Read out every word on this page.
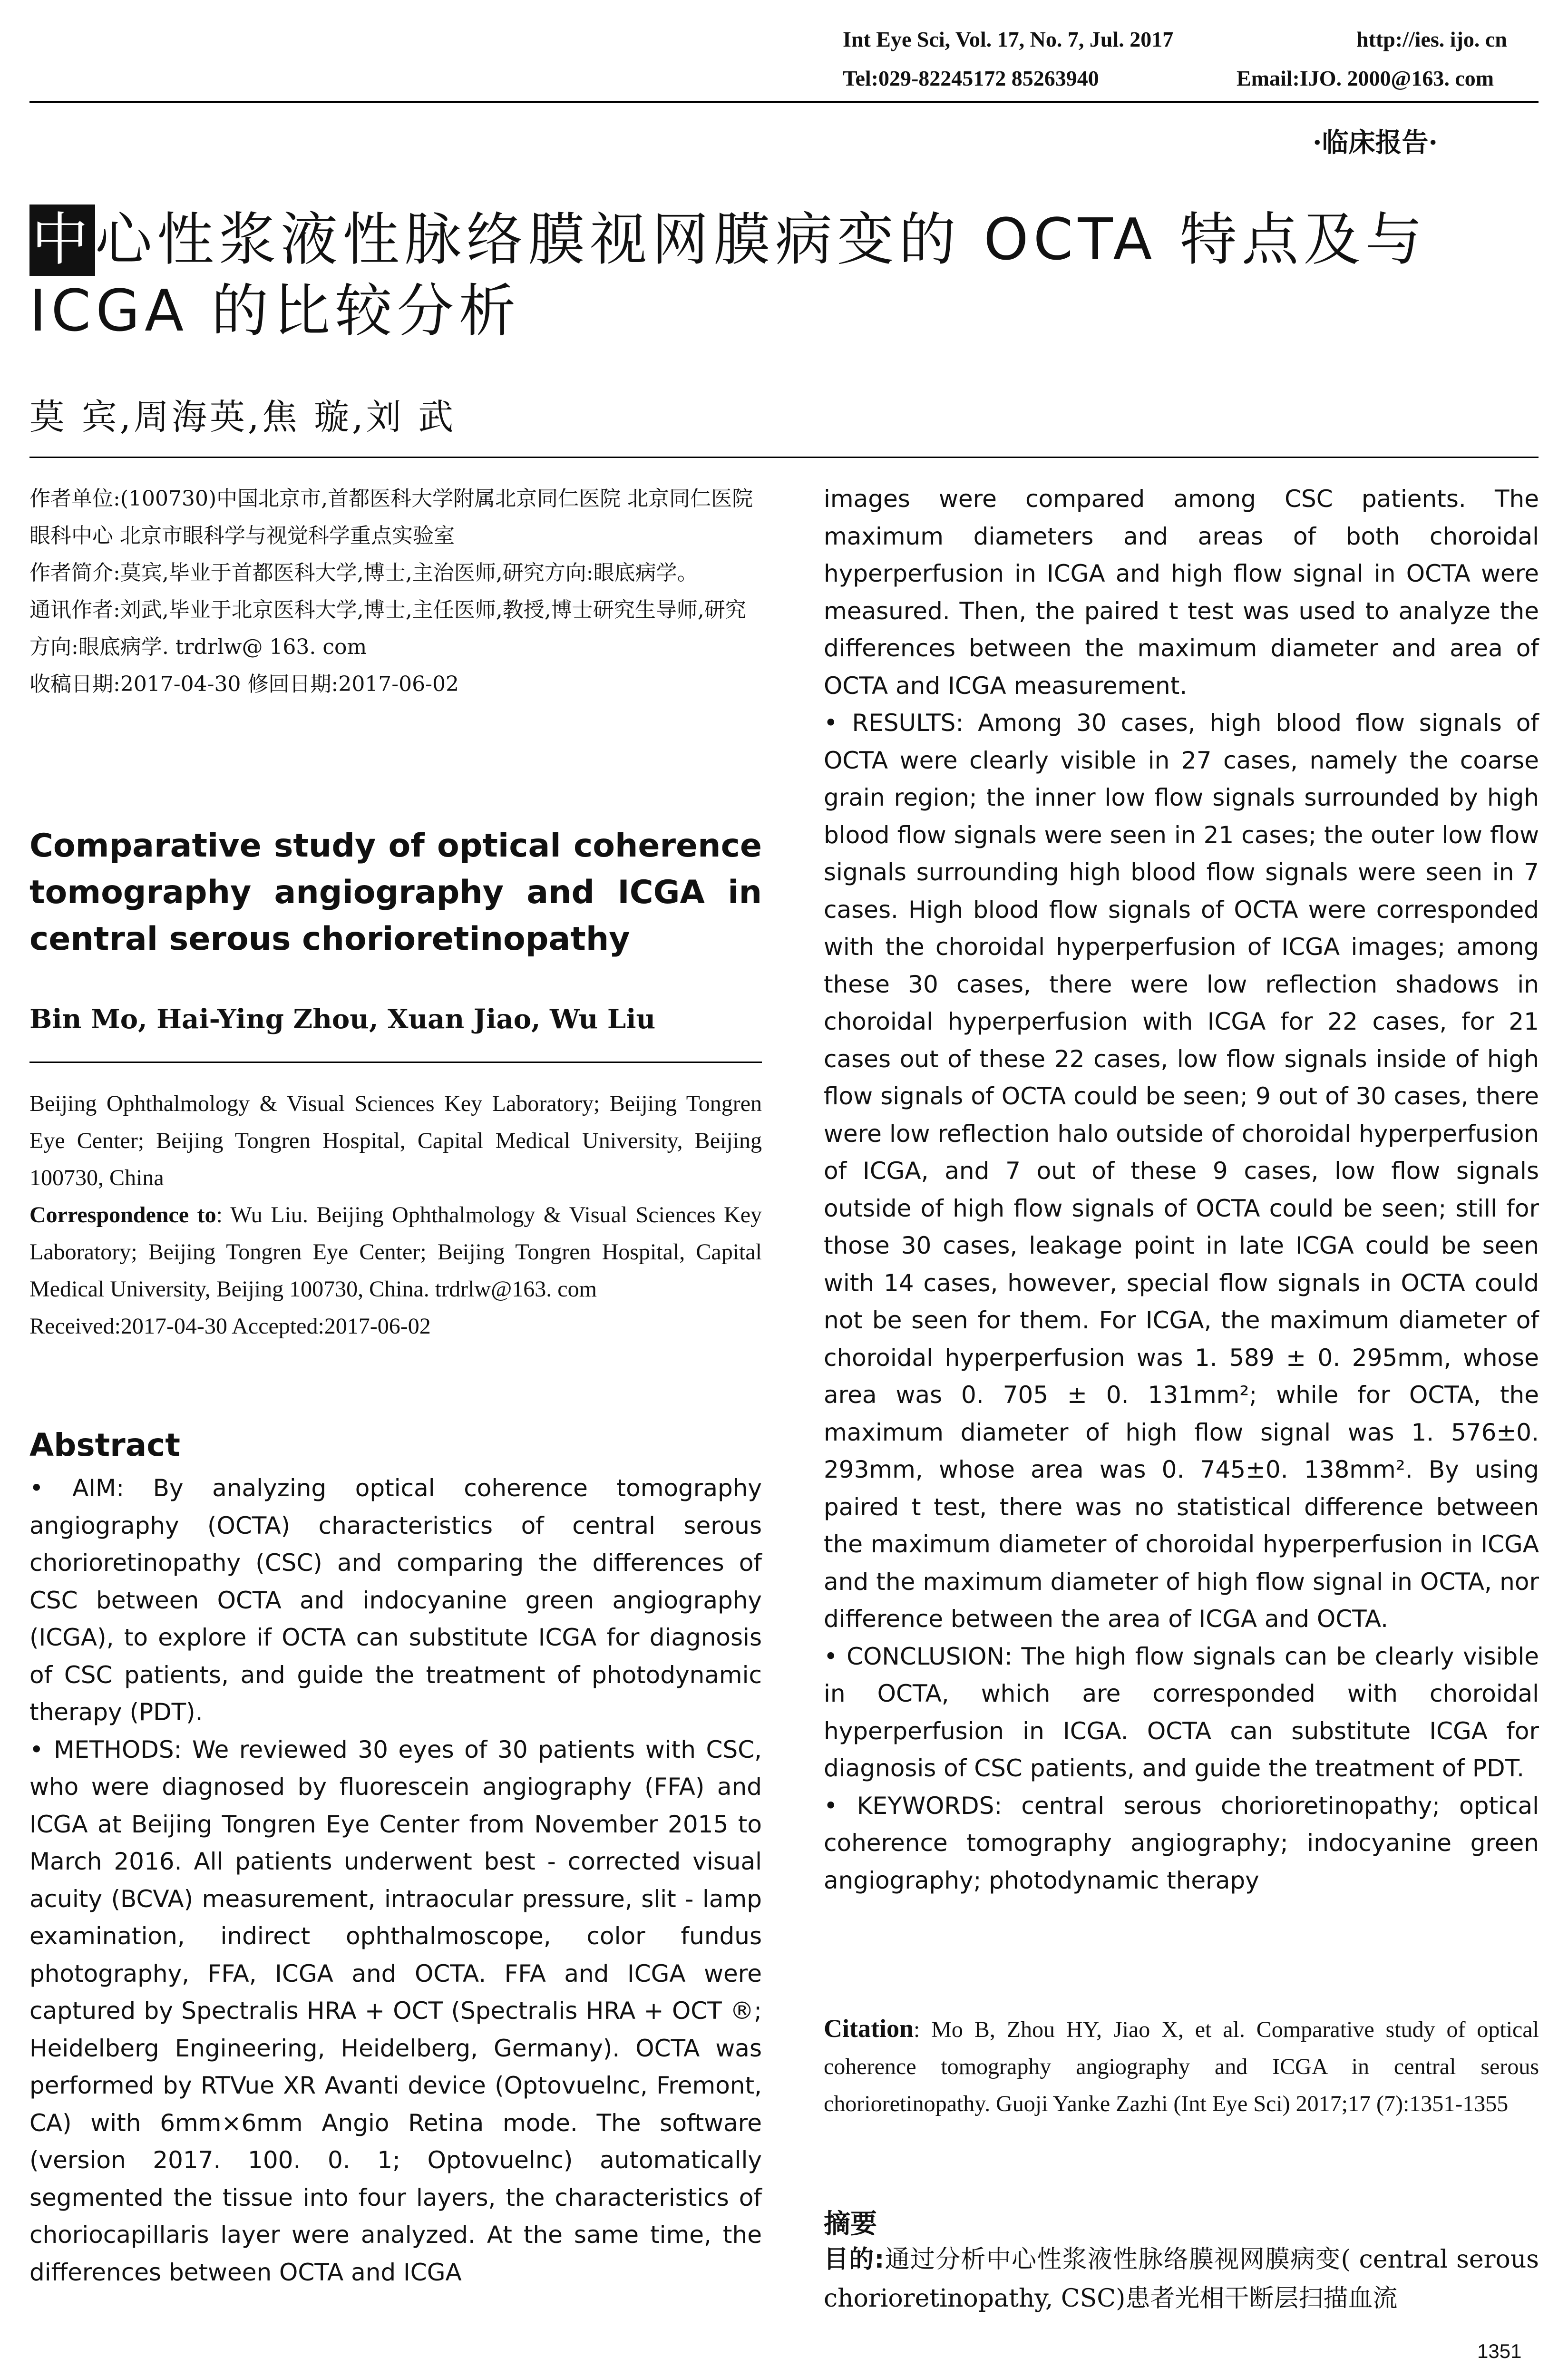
Int Eye Sci, Vol. 17, No. 7, Jul. 2017	http://ies. ijo. cn
Tel:029-82245172 85263940	Email:IJO. 2000@163. com
·临床报告·
中心性浆液性脉络膜视网膜病变的 OCTA 特点及与 ICGA 的比较分析
莫 宾,周海英,焦 璇,刘 武
作者单位:(100730)中国北京市,首都医科大学附属北京同仁医院 北京同仁医院眼科中心 北京市眼科学与视觉科学重点实验室
作者简介:莫宾,毕业于首都医科大学,博士,主治医师,研究方向:眼底病学。
通讯作者:刘武,毕业于北京医科大学,博士,主任医师,教授,博士研究生导师,研究方向:眼底病学. trdrlw@ 163. com
收稿日期:2017-04-30 修回日期:2017-06-02
Comparative study of optical coherence tomography angiography and ICGA in central serous chorioretinopathy
Bin Mo, Hai-Ying Zhou, Xuan Jiao, Wu Liu
Beijing Ophthalmology & Visual Sciences Key Laboratory; Beijing Tongren Eye Center; Beijing Tongren Hospital, Capital Medical University, Beijing 100730, China
Correspondence to: Wu Liu. Beijing Ophthalmology & Visual Sciences Key Laboratory; Beijing Tongren Eye Center; Beijing Tongren Hospital, Capital Medical University, Beijing 100730, China. trdrlw@163. com
Received:2017-04-30 Accepted:2017-06-02
Abstract

• AIM: By analyzing optical coherence tomography angiography (OCTA) characteristics of central serous chorioretinopathy (CSC) and comparing the differences of CSC between OCTA and indocyanine green angiography (ICGA), to explore if OCTA can substitute ICGA for diagnosis of CSC patients, and guide the treatment of photodynamic therapy (PDT).

• METHODS: We reviewed 30 eyes of 30 patients with CSC, who were diagnosed by fluorescein angiography (FFA) and ICGA at Beijing Tongren Eye Center from November 2015 to March 2016. All patients underwent best - corrected visual acuity (BCVA) measurement, intraocular pressure, slit - lamp examination, indirect ophthalmoscope, color fundus photography, FFA, ICGA and OCTA. FFA and ICGA were captured by Spectralis HRA + OCT (Spectralis HRA + OCT ®; Heidelberg Engineering, Heidelberg, Germany). OCTA was performed by RTVue XR Avanti device (Optovuelnc, Fremont, CA) with 6mm×6mm Angio Retina mode. The software (version 2017. 100. 0. 1; Optovuelnc) automatically segmented the tissue into four layers, the characteristics of choriocapillaris layer were analyzed. At the same time, the differences between OCTA and ICGA

images were compared among CSC patients. The maximum diameters and areas of both choroidal hyperperfusion in ICGA and high flow signal in OCTA were measured. Then, the paired t test was used to analyze the differences between the maximum diameter and area of OCTA and ICGA measurement.

• RESULTS: Among 30 cases, high blood flow signals of OCTA were clearly visible in 27 cases, namely the coarse grain region; the inner low flow signals surrounded by high blood flow signals were seen in 21 cases; the outer low flow signals surrounding high blood flow signals were seen in 7 cases. High blood flow signals of OCTA were corresponded with the choroidal hyperperfusion of ICGA images; among these 30 cases, there were low reflection shadows in choroidal hyperperfusion with ICGA for 22 cases, for 21 cases out of these 22 cases, low flow signals inside of high flow signals of OCTA could be seen; 9 out of 30 cases, there were low reflection halo outside of choroidal hyperperfusion of ICGA, and 7 out of these 9 cases, low flow signals outside of high flow signals of OCTA could be seen; still for those 30 cases, leakage point in late ICGA could be seen with 14 cases, however, special flow signals in OCTA could not be seen for them. For ICGA, the maximum diameter of choroidal hyperperfusion was 1. 589 ± 0. 295mm, whose area was 0. 705 ± 0. 131mm²; while for OCTA, the maximum diameter of high flow signal was 1. 576±0. 293mm, whose area was 0. 745±0. 138mm². By using paired t test, there was no statistical difference between the maximum diameter of choroidal hyperperfusion in ICGA and the maximum diameter of high flow signal in OCTA, nor difference between the area of ICGA and OCTA.

• CONCLUSION: The high flow signals can be clearly visible in OCTA, which are corresponded with choroidal hyperperfusion in ICGA. OCTA can substitute ICGA for diagnosis of CSC patients, and guide the treatment of PDT.

• KEYWORDS: central serous chorioretinopathy; optical coherence tomography angiography; indocyanine green angiography; photodynamic therapy

Citation: Mo B, Zhou HY, Jiao X, et al. Comparative study of optical coherence tomography angiography and ICGA in central serous chorioretinopathy. Guoji Yanke Zazhi (Int Eye Sci) 2017;17 (7):1351-1355
摘要
目的:通过分析中心性浆液性脉络膜视网膜病变( central serous chorioretinopathy, CSC)患者光相干断层扫描血流
1351
